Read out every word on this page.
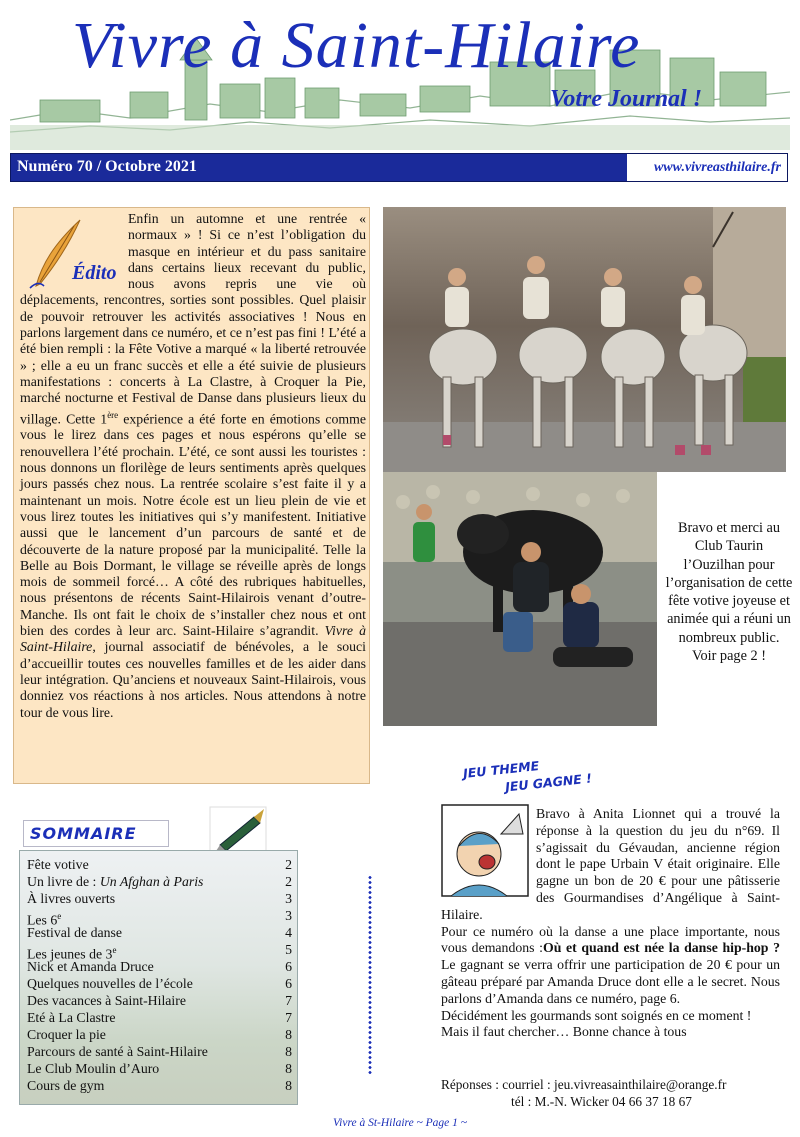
Vivre à Saint-Hilaire
Votre Journal !
Numéro 70 / Octobre 2021	www.vivreasthilaire.fr
Édito
Enfin un automne et une rentrée « normaux » ! Si ce n’est l’obligation du masque en intérieur et du pass sanitaire dans certains lieux recevant du public, nous avons repris une vie où déplacements, rencontres, sorties sont possibles. Quel plaisir de pouvoir retrouver les activités associatives ! Nous en parlons largement dans ce numéro, et ce n’est pas fini ! L’été a été bien rempli : la Fête Votive a marqué « la liberté retrouvée » ; elle a eu un franc succès et elle a été suivie de plusieurs manifestations : concerts à La Clastre, à Croquer la Pie, marché nocturne et Festival de Danse dans plusieurs lieux du village. Cette 1ère expérience a été forte en émotions comme vous le lirez dans ces pages et nous espérons qu’elle se renouvellera l’été prochain. L’été, ce sont aussi les touristes : nous donnons un florilège de leurs sentiments après quelques jours passés chez nous. La rentrée scolaire s’est faite il y a maintenant un mois. Notre école est un lieu plein de vie et vous lirez toutes les initiatives qui s’y manifestent. Initiative aussi que le lancement d’un parcours de santé et de découverte de la nature proposé par la municipalité. Telle la Belle au Bois Dormant, le village se réveille après de longs mois de sommeil forcé… A côté des rubriques habituelles, nous présentons de récents Saint-Hilairois venant d’outre-Manche. Ils ont fait le choix de s’installer chez nous et ont bien des cordes à leur arc. Saint-Hilaire s’agrandit. Vivre à Saint-Hilaire, journal associatif de bénévoles, a le souci d’accueillir toutes ces nouvelles familles et de les aider dans leur intégration. Qu’anciens et nouveaux Saint-Hilairois, vous donniez vos réactions à nos articles. Nous attendons à notre tour de vous lire.
Bravo et merci au Club Taurin l’Ouzilhan pour l’organisation de cette fête votive joyeuse et animée qui a réuni un nombreux public. Voir page 2 !
SOMMAIRE
Fête votive	2
Un livre de : Un Afghan à Paris	2
À livres ouverts	3
Les 6e	3
Festival de danse	4
Les jeunes de 3e	5
Nick et Amanda Druce	6
Quelques nouvelles de l’école	6
Des vacances à Saint-Hilaire	7
Eté à La Clastre	7
Croquer la pie	8
Parcours de santé à Saint-Hilaire	8
Le Club Moulin d’Auro	8
Cours de gym	8
JEU THEME
JEU GAGNE !
Bravo à Anita Lionnet qui a trouvé la réponse à la question du jeu du n°69. Il s’agissait du Gévaudan, ancienne région dont le pape Urbain V était originaire. Elle gagne un bon de 20 € pour une pâtisserie des Gourmandises d’Angélique à Saint-Hilaire.
Pour ce numéro où la danse a une place importante, nous vous demandons :Où et quand est née la danse hip-hop ? Le gagnant se verra offrir une participation de 20 € pour un gâteau préparé par Amanda Druce dont elle a le secret. Nous parlons d’Amanda dans ce numéro, page 6.
Décidément les gourmands sont soignés en ce moment ! Mais il faut chercher… Bonne chance à tous
Réponses : courriel : jeu.vivreasainthilaire@orange.fr
tél : M.-N. Wicker 04 66 37 18 67
Vivre à St-Hilaire ~ Page 1 ~
